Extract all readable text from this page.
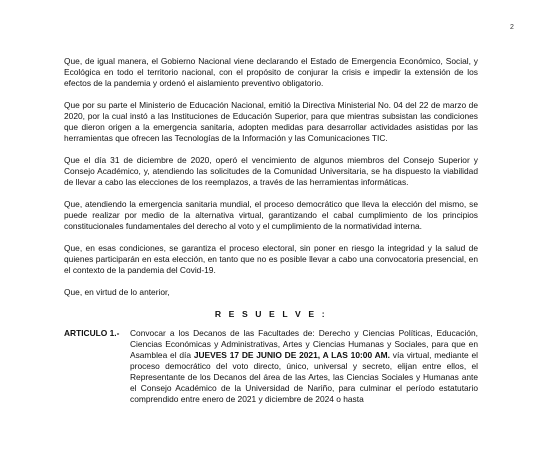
2

Que, de igual manera, el Gobierno Nacional viene declarando el Estado de Emergencia Económico, Social, y Ecológica en todo el territorio nacional, con el propósito de conjurar la crisis e impedir la extensión de los efectos de la pandemia y ordenó el aislamiento preventivo obligatorio.

Que por su parte el Ministerio de Educación Nacional, emitió la Directiva Ministerial No. 04 del 22 de marzo de 2020, por la cual instó a las Instituciones de Educación Superior, para que mientras subsistan las condiciones que dieron origen a la emergencia sanitaria, adopten medidas para desarrollar actividades asistidas por las herramientas que ofrecen las Tecnologías de la Información y las Comunicaciones TIC.

Que el día 31 de diciembre de 2020, operó el vencimiento de algunos miembros del Consejo Superior y Consejo Académico, y, atendiendo las solicitudes de la Comunidad Universitaria, se ha dispuesto la viabilidad de llevar a cabo las elecciones de los reemplazos, a través de las herramientas informáticas.

Que, atendiendo la emergencia sanitaria mundial, el proceso democrático que lleva la elección del mismo, se puede realizar por medio de la alternativa virtual, garantizando el cabal cumplimiento de los principios constitucionales fundamentales del derecho al voto y el cumplimiento de la normatividad interna.

Que, en esas condiciones, se garantiza el proceso electoral, sin poner en riesgo la integridad y la salud de quienes participarán en esta elección, en tanto que no es posible llevar a cabo una convocatoria presencial, en el contexto de la pandemia del Covid-19.

Que, en virtud de lo anterior,

R E S U E L V E :
ARTICULO 1.-	Convocar a los Decanos de las Facultades de: Derecho y Ciencias Políticas, Educación, Ciencias Económicas y Administrativas, Artes y Ciencias Humanas y Sociales, para que en Asamblea el día JUEVES 17 DE JUNIO DE 2021, A LAS 10:00 AM. vía virtual, mediante el proceso democrático del voto directo, único, universal y secreto, elijan entre ellos, el Representante de los Decanos del área de las Artes, las Ciencias Sociales y Humanas ante el Consejo Académico de la Universidad de Nariño, para culminar el período estatutario comprendido entre enero de 2021 y diciembre de 2024 o hasta
